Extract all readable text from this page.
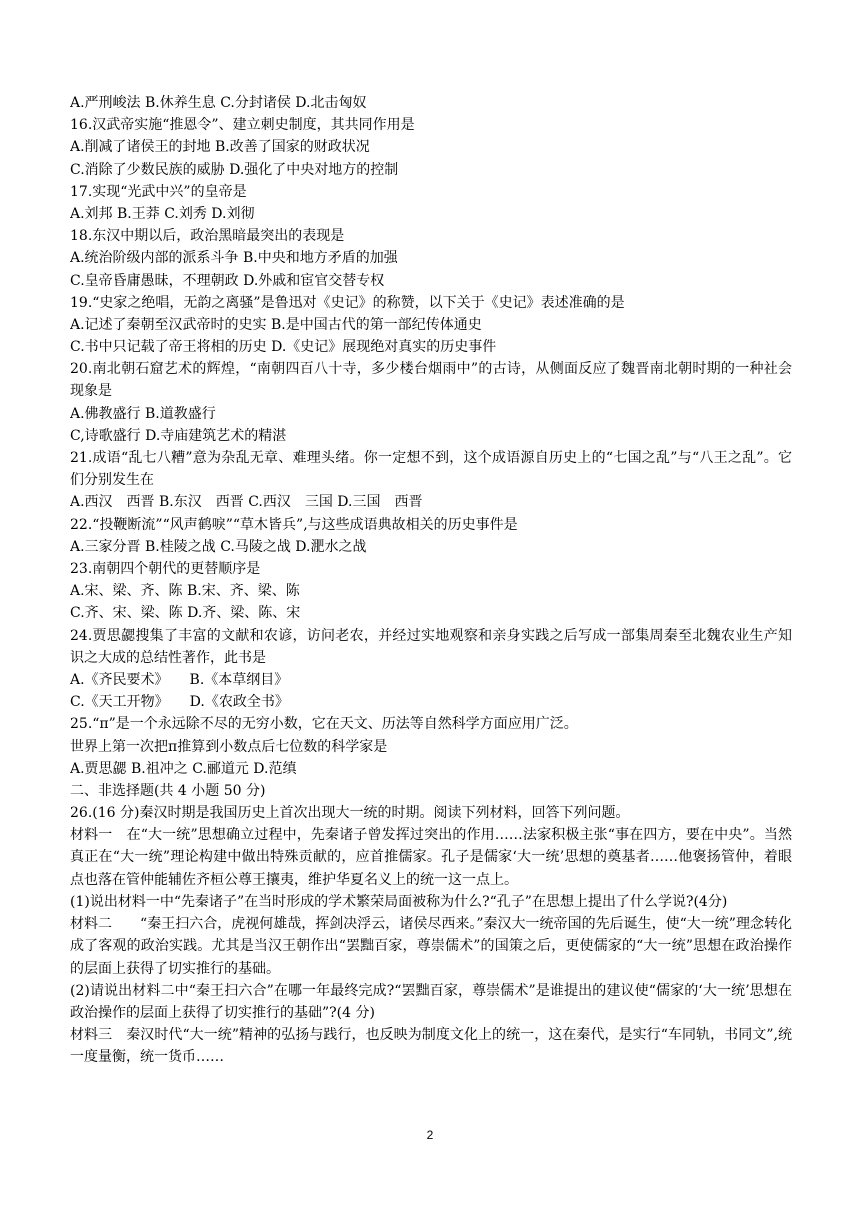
A.严刑峻法 B.休养生息 C.分封诸侯 D.北击匈奴
16.汉武帝实施“推恩令”、建立刺史制度，其共同作用是
A.削减了诸侯王的封地 B.改善了国家的财政状况
C.消除了少数民族的威胁 D.强化了中央对地方的控制
17.实现“光武中兴”的皇帝是
A.刘邦 B.王莽 C.刘秀 D.刘彻
18.东汉中期以后，政治黑暗最突出的表现是
A.统治阶级内部的派系斗争 B.中央和地方矛盾的加强
C.皇帝昏庸愚昧，不理朝政 D.外戚和宦官交替专权
19.“史家之绝唱，无韵之离骚”是鲁迅对《史记》的称赞，以下关于《史记》表述准确的是
A.记述了秦朝至汉武帝时的史实 B.是中国古代的第一部纪传体通史
C.书中只记载了帝王将相的历史 D.《史记》展现绝对真实的历史事件
20.南北朝石窟艺术的辉煌，“南朝四百八十寺，多少楼台烟雨中”的古诗，从侧面反应了魏晋南北朝时期的一种社会现象是
A.佛教盛行 B.道教盛行
C,诗歌盛行 D.寺庙建筑艺术的精湛
21.成语“乱七八糟”意为杂乱无章、难理头绪。你一定想不到，这个成语源自历史上的“七国之乱”与“八王之乱”。它们分别发生在
A.西汉　西晋 B.东汉　西晋 C.西汉　三国 D.三国　西晋
22.“投鞭断流”“风声鹤唳”“草木皆兵”,与这些成语典故相关的历史事件是
A.三家分晋 B.桂陵之战 C.马陵之战 D.淝水之战
23.南朝四个朝代的更替顺序是
A.宋、梁、齐、陈 B.宋、齐、梁、陈
C.齐、宋、梁、陈 D.齐、梁、陈、宋
24.贾思勰搜集了丰富的文献和农谚，访问老农，并经过实地观察和亲身实践之后写成一部集周秦至北魏农业生产知识之大成的总结性著作，此书是
A.《齐民要术》　　B.《本草纲目》
C.《天工开物》　　D.《农政全书》
25.“π”是一个永远除不尽的无穷小数，它在天文、历法等自然科学方面应用广泛。
世界上第一次把π推算到小数点后七位数的科学家是
A.贾思勰 B.祖冲之 C.郦道元 D.范缜
二、非选择题(共 4 小题 50 分)
26.(16 分)秦汉时期是我国历史上首次出现大一统的时期。阅读下列材料，回答下列问题。
材料一　在“大一统”思想确立过程中，先秦诸子曾发挥过突出的作用……法家积极主张“事在四方，要在中央”。当然真正在“大一统”理论构建中做出特殊贡献的，应首推儒家。孔子是儒家‘大一统’思想的奠基者……他褒扬管仲，着眼点也落在管仲能辅佐齐桓公尊王攘夷，维护华夏名义上的统一这一点上。
(1)说出材料一中“先秦诸子”在当时形成的学术繁荣局面被称为什么?“孔子”在思想上提出了什么学说?(4分)
材料二　　“秦王扫六合，虎视何雄哉，挥剑决浮云，诸侯尽西来。”秦汉大一统帝国的先后诞生，使“大一统”理念转化成了客观的政治实践。尤其是当汉王朝作出“罢黜百家，尊崇儒术”的国策之后，更使儒家的“大一统”思想在政治操作的层面上获得了切实推行的基础。
(2)请说出材料二中“秦王扫六合”在哪一年最终完成?“罢黜百家，尊崇儒术”是谁提出的建议使“儒家的‘大一统’思想在政治操作的层面上获得了切实推行的基础”?(4 分)
材料三　秦汉时代“大一统”精神的弘扬与践行，也反映为制度文化上的统一，这在秦代，是实行“车同轨，书同文”,统一度量衡，统一货币……
2
